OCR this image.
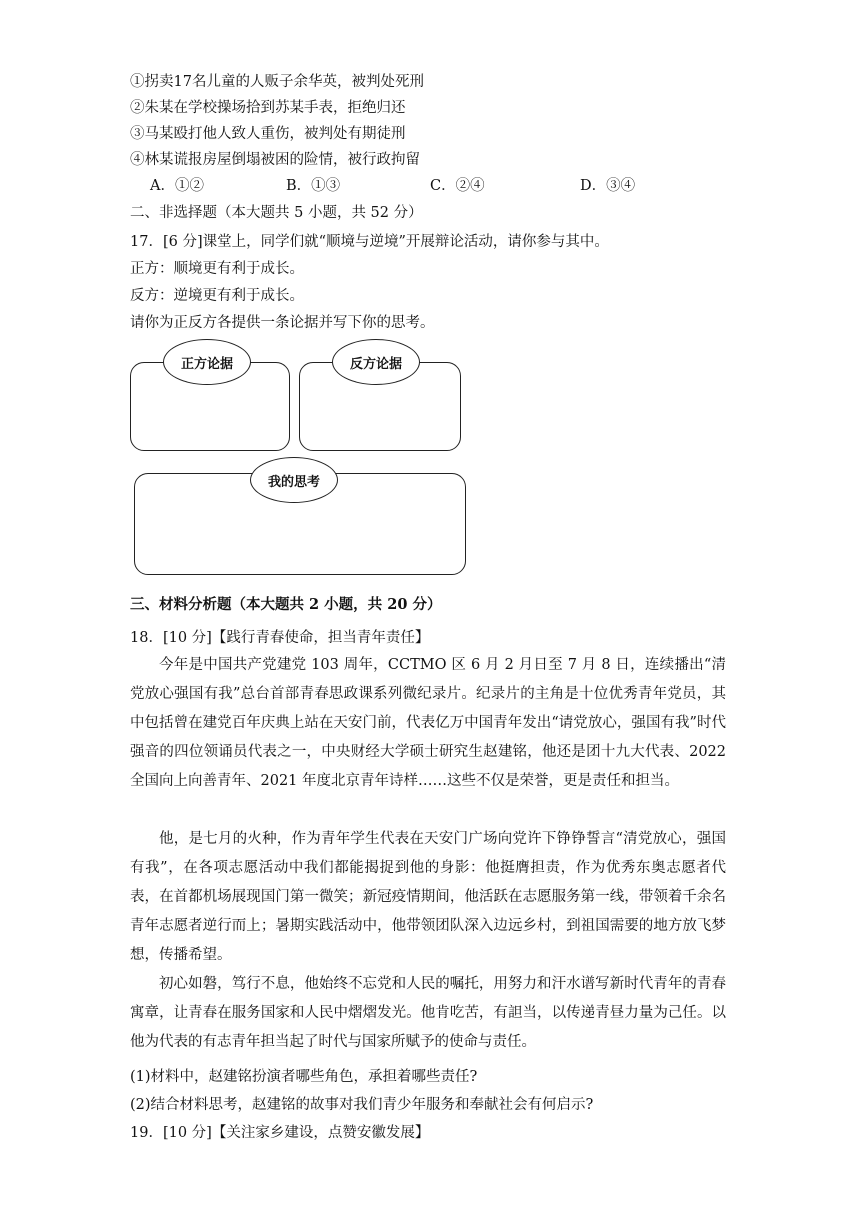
①拐卖17名儿童的人贩子余华英，被判处死刑
②朱某在学校操场拾到苏某手表，拒绝归还
③马某殴打他人致人重伤，被判处有期徒刑
④林某谎报房屋倒塌被困的险情，被行政拘留
A．①②	B．①③	C．②④	D．③④
二、非选择题（本大题共 5 小题，共 52 分）
17．[6 分]课堂上，同学们就“顺境与逆境”开展辩论活动，请你参与其中。
正方：顺境更有利于成长。
反方：逆境更有利于成长。
请你为正反方各提供一条论据并写下你的思考。
正方论据	反方论据
我的思考
三、材料分析题（本大题共 2 小题，共 20 分）
18．[10 分]【践行青春使命，担当青年责任】
今年是中国共产党建党 103 周年，CCTMO 区 6 月 2 月日至 7 月 8 日，连续播出“清党放心强国有我”总台首部青春思政课系列微纪录片。纪录片的主角是十位优秀青年党员，其中包括曾在建党百年庆典上站在天安门前，代表亿万中国青年发出“请党放心，强国有我”时代强音的四位领诵员代表之一，中央财经大学硕士研究生赵建铭，他还是团十九大代表、2022 全国向上向善青年、2021 年度北京青年诗样……这些不仅是荣誉，更是责任和担当。
他，是七月的火种，作为青年学生代表在天安门广场向党许下铮铮誓言“清党放心，强国有我”，在各项志愿活动中我们都能揭捉到他的身影：他挺膺担责，作为优秀东奥志愿者代表，在首都机场展现国门第一微笑；新冠疫情期间，他活跃在志愿服务第一线，带领着千余名青年志愿者逆行而上；暑期实践活动中，他带领团队深入边远乡村，到祖国需要的地方放飞梦想，传播希望。
初心如磐，笃行不息，他始终不忘党和人民的嘱托，用努力和汗水谱写新时代青年的青春寓章，让青春在服务国家和人民中熠熠发光。他肯吃苦，有詚当，以传递青昼力量为己任。以他为代表的有志青年担当起了时代与国家所赋予的使命与责任。
(1)材料中，赵建铭扮演者哪些角色，承担着哪些责任?
(2)结合材料思考，赵建铭的故事对我们青少年服务和奉献社会有何启示?
19．[10 分]【关注家乡建设，点赞安徽发展】
